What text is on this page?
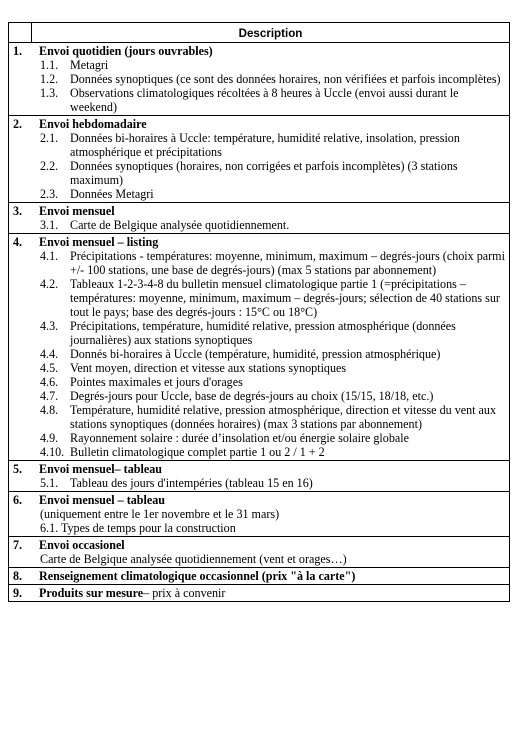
	Description

1. Envoi quotidien (jours ouvrables)
1.1. Metagri
1.2. Données synoptiques (ce sont des données horaires, non vérifiées et parfois incomplètes)
1.3. Observations climatologiques récoltées à 8 heures à Uccle (envoi aussi durant le weekend)

2. Envoi hebdomadaire
2.1. Données bi-horaires à Uccle: température, humidité relative, insolation, pression atmosphérique et précipitations
2.2. Données synoptiques (horaires, non corrigées et parfois incomplètes) (3 stations maximum)
2.3. Données Metagri

3. Envoi mensuel
3.1. Carte de Belgique analysée quotidiennement.

4. Envoi mensuel – listing
4.1. Précipitations - températures: moyenne, minimum, maximum – degrés-jours (choix parmi +/- 100 stations, une base de degrés-jours) (max 5 stations par abonnement)
4.2. Tableaux 1-2-3-4-8 du bulletin mensuel climatologique partie 1 (=précipitations – températures: moyenne, minimum, maximum – degrés-jours; sélection de 40 stations sur tout le pays; base des degrés-jours : 15°C ou 18°C)
4.3. Précipitations, température, humidité relative, pression atmosphérique (données journalières) aux stations synoptiques
4.4. Donnés bi-horaires à Uccle (température, humidité, pression atmosphérique)
4.5. Vent moyen, direction et vitesse aux stations synoptiques
4.6. Pointes maximales et jours d'orages
4.7. Degrés-jours pour Uccle, base de degrés-jours au choix (15/15, 18/18, etc.)
4.8. Température, humidité relative, pression atmosphérique, direction et vitesse du vent aux stations synoptiques (données horaires) (max 3 stations par abonnement)
4.9. Rayonnement solaire : durée d’insolation et/ou énergie solaire globale
4.10. Bulletin climatologique complet partie 1 ou 2 / 1 + 2

5. Envoi mensuel– tableau
5.1. Tableau des jours d'intempéries (tableau 15 en 16)

6. Envoi mensuel – tableau
(uniquement entre le 1er novembre et le 31 mars)
6.1. Types de temps pour la construction

7. Envoi occasionel
Carte de Belgique analysée quotidiennement (vent et orages…)

8. Renseignement climatologique occasionnel (prix "à la carte")

9. Produits sur mesure– prix à convenir
